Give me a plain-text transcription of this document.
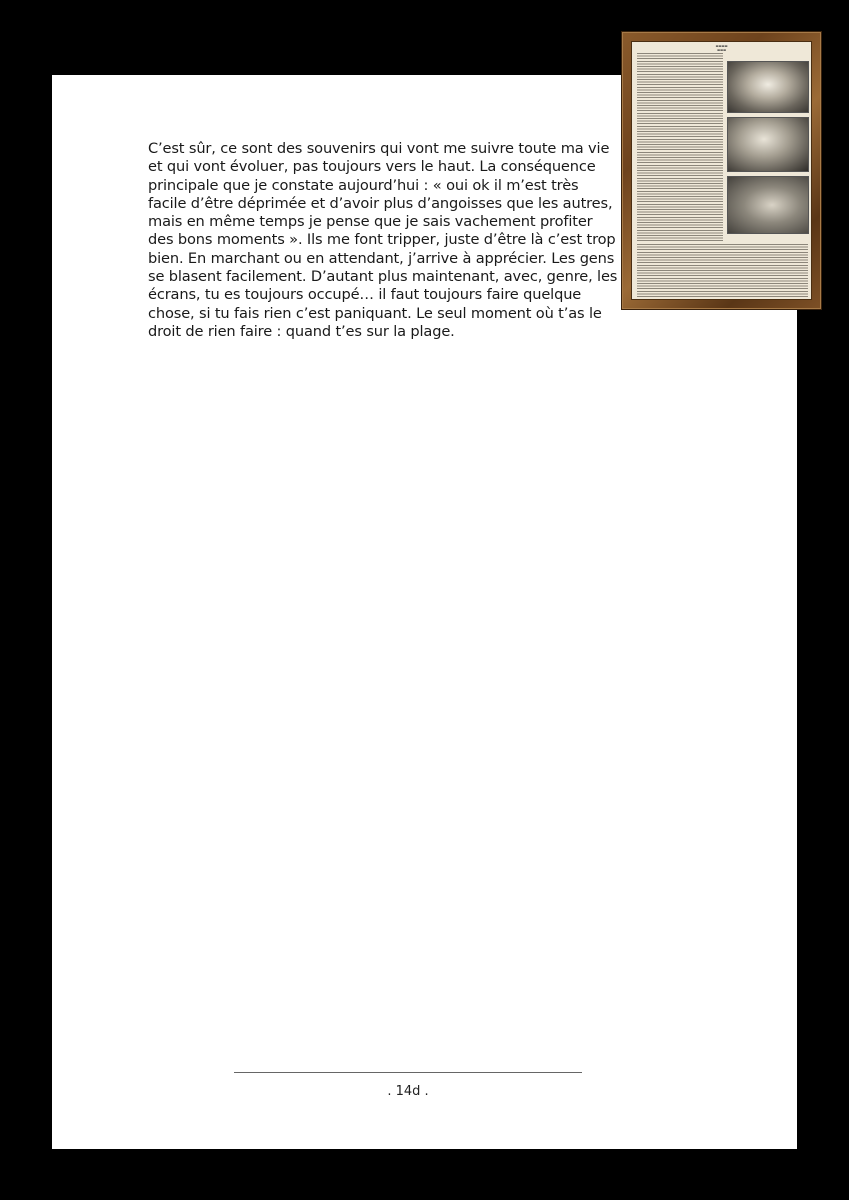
C’est sûr, ce sont des souvenirs qui vont me suivre toute ma vie et qui vont évoluer, pas toujours vers le haut. La conséquence principale que je constate aujourd’hui : « oui ok il m’est très facile d’être déprimée et d’avoir plus d’angoisses que les autres, mais en même temps je pense que je sais vachement profiter des bons moments ». Ils me font tripper, juste d’être là c’est trop bien. En marchant ou en attendant, j’arrive à apprécier. Les gens se blasent facilement. D’autant plus maintenant, avec, genre, les écrans, tu es toujours occupé… il faut toujours faire quelque chose, si tu fais rien c’est paniquant. Le seul moment où t’as le droit de rien faire : quand t’es sur la plage.

. 14d .
▬▬▬▬
▬▬▬
